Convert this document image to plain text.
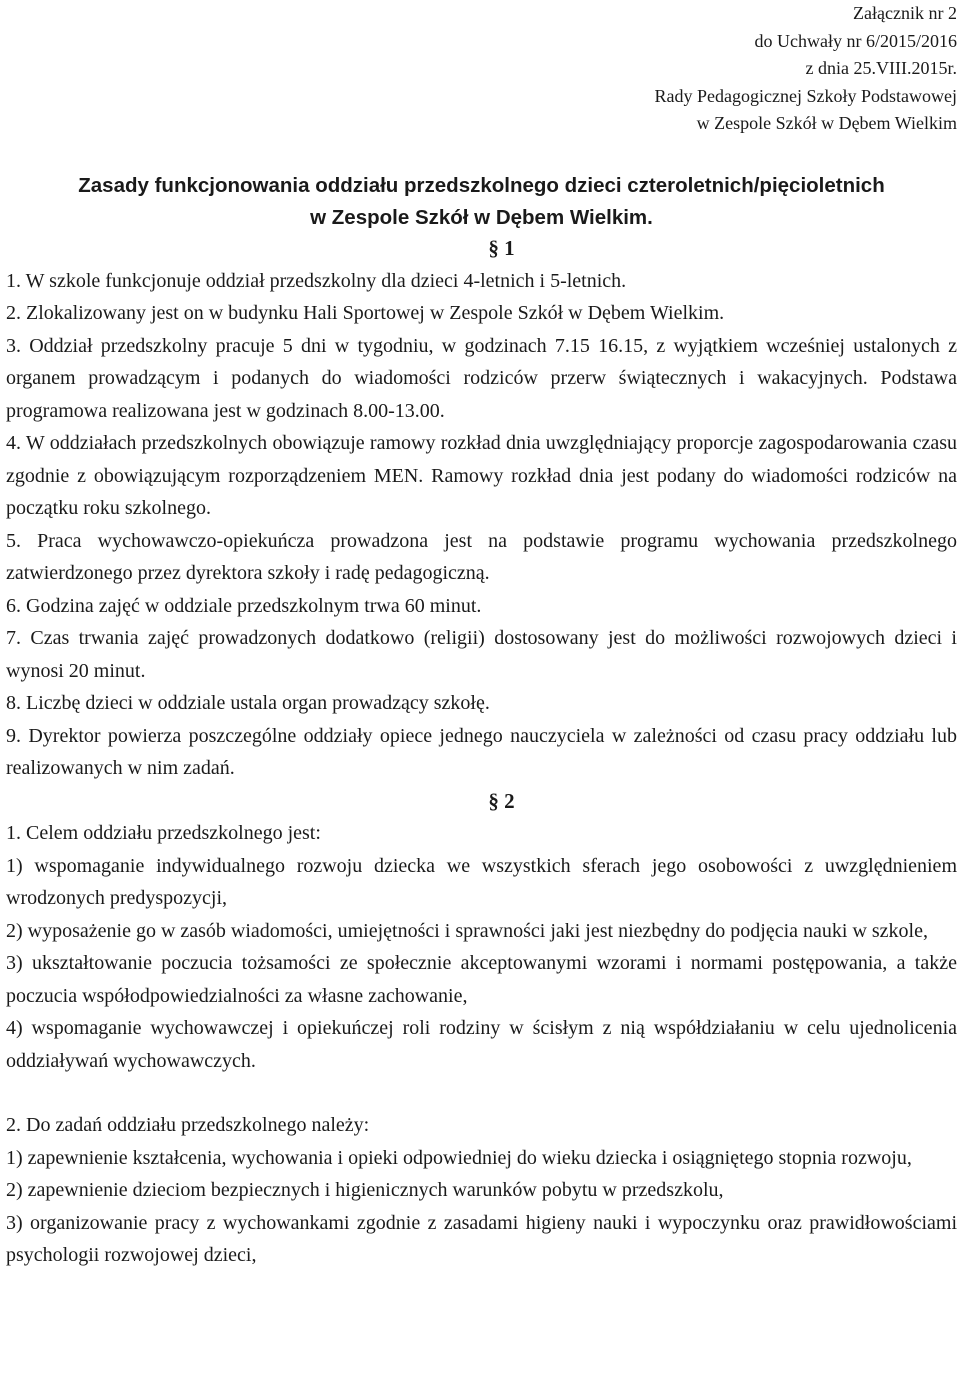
Załącznik nr 2
do Uchwały nr 6/2015/2016
z dnia 25.VIII.2015r.
Rady Pedagogicznej Szkoły Podstawowej
w Zespole Szkół w Dębem Wielkim
Zasady funkcjonowania oddziału przedszkolnego dzieci czteroletnich/pięcioletnich
w Zespole Szkół w Dębem Wielkim.
§ 1

1. W szkole funkcjonuje oddział przedszkolny dla dzieci 4-letnich i 5-letnich.

2. Zlokalizowany jest on w budynku Hali Sportowej w Zespole Szkół w Dębem Wielkim.

3. Oddział przedszkolny pracuje 5 dni w tygodniu, w godzinach 7.15 16.15, z wyjątkiem wcześniej ustalonych z organem prowadzącym i podanych do wiadomości rodziców przerw świątecznych i wakacyjnych. Podstawa programowa realizowana jest w godzinach 8.00-13.00.

4. W oddziałach przedszkolnych obowiązuje ramowy rozkład dnia uwzględniający proporcje zagospodarowania czasu zgodnie z obowiązującym rozporządzeniem MEN. Ramowy rozkład dnia jest podany do wiadomości rodziców na początku roku szkolnego.

5. Praca wychowawczo-opiekuńcza prowadzona jest na podstawie programu wychowania przedszkolnego zatwierdzonego przez dyrektora szkoły i radę pedagogiczną.

6. Godzina zajęć w oddziale przedszkolnym trwa 60 minut.

7. Czas trwania zajęć prowadzonych dodatkowo (religii) dostosowany jest do możliwości rozwojowych dzieci i wynosi 20 minut.

8. Liczbę dzieci w oddziale ustala organ prowadzący szkołę.

9. Dyrektor powierza poszczególne oddziały opiece jednego nauczyciela w zależności od czasu pracy oddziału lub realizowanych w nim zadań.

§ 2

1. Celem oddziału przedszkolnego jest:

1) wspomaganie indywidualnego rozwoju dziecka we wszystkich sferach jego osobowości z uwzględnieniem wrodzonych predyspozycji,

2) wyposażenie go w zasób wiadomości, umiejętności i sprawności jaki jest niezbędny do podjęcia nauki w szkole,

3) ukształtowanie poczucia tożsamości ze społecznie akceptowanymi wzorami i normami postępowania, a także poczucia współodpowiedzialności za własne zachowanie,

4) wspomaganie wychowawczej i opiekuńczej roli rodziny w ścisłym z nią współdziałaniu w celu ujednolicenia oddziaływań wychowawczych.

2. Do zadań oddziału przedszkolnego należy:

1) zapewnienie kształcenia, wychowania i opieki odpowiedniej do wieku dziecka i osiągniętego stopnia rozwoju,

2) zapewnienie dzieciom bezpiecznych i higienicznych warunków pobytu w przedszkolu,

3) organizowanie pracy z wychowankami zgodnie z zasadami higieny nauki i wypoczynku oraz prawidłowościami psychologii rozwojowej dzieci,
